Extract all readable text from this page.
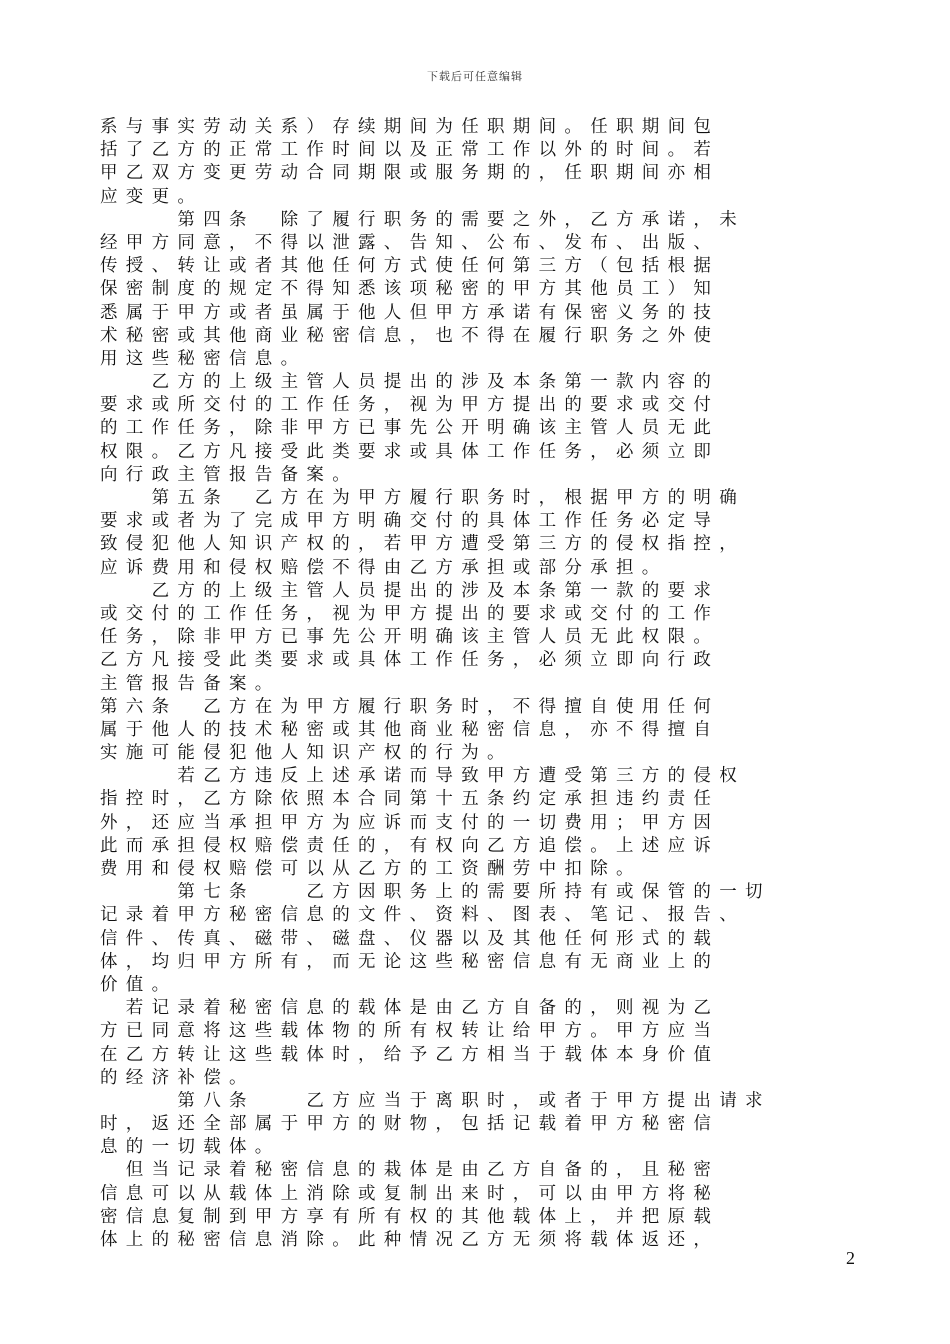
下载后可任意编辑
系与事实劳动关系）存续期间为任职期间。任职期间包
括了乙方的正常工作时间以及正常工作以外的时间。若
甲乙双方变更劳动合同期限或服务期的，任职期间亦相
应变更。
　　　第四条　除了履行职务的需要之外，乙方承诺，未
经甲方同意，不得以泄露、告知、公布、发布、出版、
传授、转让或者其他任何方式使任何第三方（包括根据
保密制度的规定不得知悉该项秘密的甲方其他员工）知
悉属于甲方或者虽属于他人但甲方承诺有保密义务的技
术秘密或其他商业秘密信息，也不得在履行职务之外使
用这些秘密信息。
　　乙方的上级主管人员提出的涉及本条第一款内容的
要求或所交付的工作任务，视为甲方提出的要求或交付
的工作任务，除非甲方已事先公开明确该主管人员无此
权限。乙方凡接受此类要求或具体工作任务，必须立即
向行政主管报告备案。
　　第五条　乙方在为甲方履行职务时，根据甲方的明确
要求或者为了完成甲方明确交付的具体工作任务必定导
致侵犯他人知识产权的，若甲方遭受第三方的侵权指控，
应诉费用和侵权赔偿不得由乙方承担或部分承担。
　　乙方的上级主管人员提出的涉及本条第一款的要求
或交付的工作任务，视为甲方提出的要求或交付的工作
任务，除非甲方已事先公开明确该主管人员无此权限。
乙方凡接受此类要求或具体工作任务，必须立即向行政
主管报告备案。
第六条　乙方在为甲方履行职务时，不得擅自使用任何
属于他人的技术秘密或其他商业秘密信息，亦不得擅自
实施可能侵犯他人知识产权的行为。
　　　若乙方违反上述承诺而导致甲方遭受第三方的侵权
指控时，乙方除依照本合同第十五条约定承担违约责任
外，还应当承担甲方为应诉而支付的一切费用；甲方因
此而承担侵权赔偿责任的，有权向乙方追偿。上述应诉
费用和侵权赔偿可以从乙方的工资酬劳中扣除。
　　　第七条　　乙方因职务上的需要所持有或保管的一切
记录着甲方秘密信息的文件、资料、图表、笔记、报告、
信件、传真、磁带、磁盘、仪器以及其他任何形式的载
体，均归甲方所有，而无论这些秘密信息有无商业上的
价值。
　若记录着秘密信息的载体是由乙方自备的，则视为乙
方已同意将这些载体物的所有权转让给甲方。甲方应当
在乙方转让这些载体时，给予乙方相当于载体本身价值
的经济补偿。
　　　第八条　　乙方应当于离职时，或者于甲方提出请求
时，返还全部属于甲方的财物，包括记载着甲方秘密信
息的一切载体。
　但当记录着秘密信息的栽体是由乙方自备的，且秘密
信息可以从载体上消除或复制出来时，可以由甲方将秘
密信息复制到甲方享有所有权的其他载体上，并把原载
体上的秘密信息消除。此种情况乙方无须将载体返还，
2
